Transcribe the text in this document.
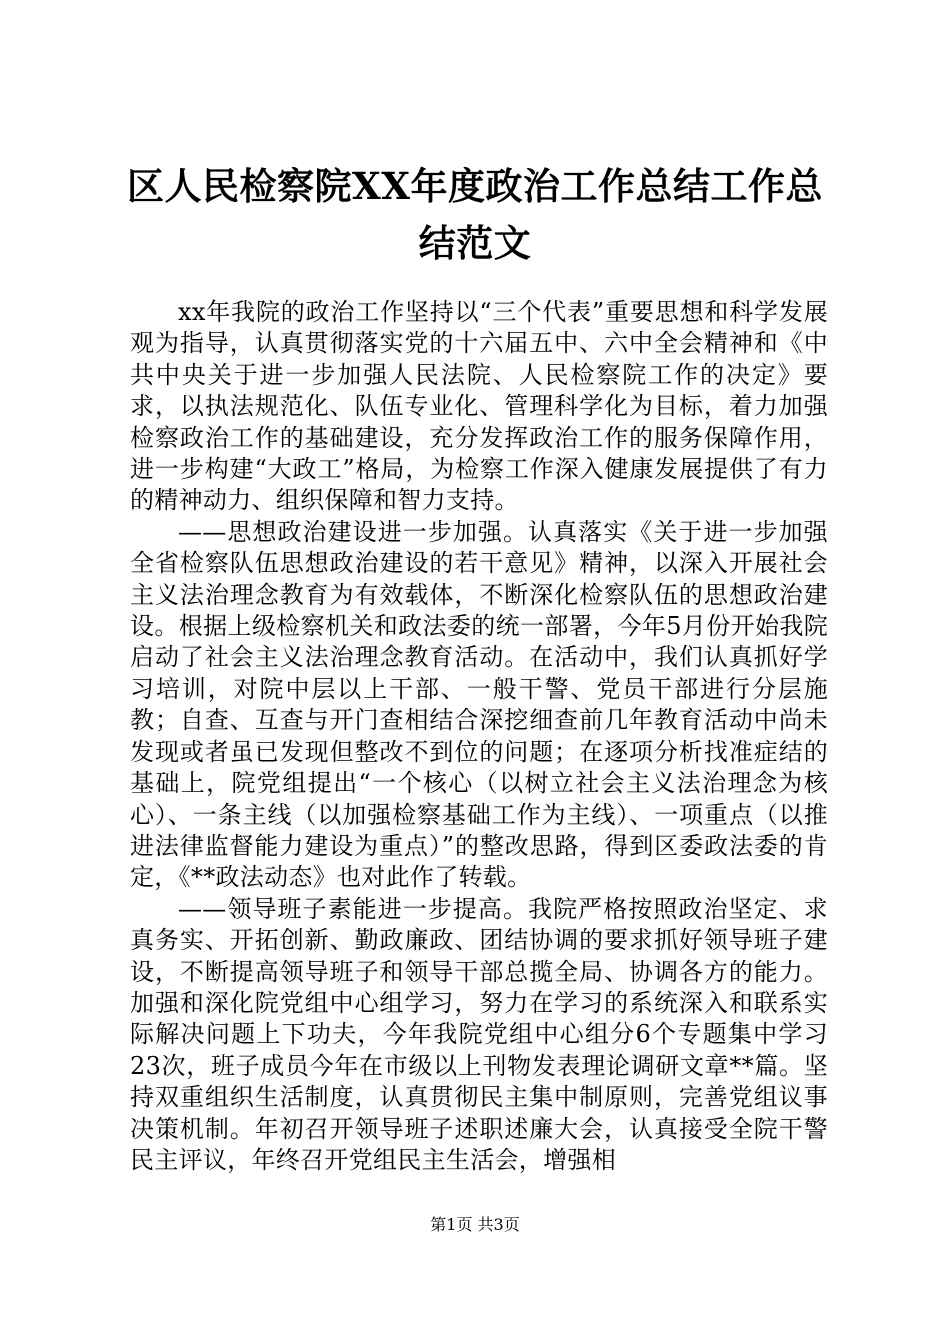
区人民检察院XX年度政治工作总结工作总结范文

xx年我院的政治工作坚持以“三个代表”重要思想和科学发展观为指导，认真贯彻落实党的十六届五中、六中全会精神和《中共中央关于进一步加强人民法院、人民检察院工作的决定》要求，以执法规范化、队伍专业化、管理科学化为目标，着力加强检察政治工作的基础建设，充分发挥政治工作的服务保障作用，进一步构建“大政工”格局，为检察工作深入健康发展提供了有力的精神动力、组织保障和智力支持。

——思想政治建设进一步加强。认真落实《关于进一步加强全省检察队伍思想政治建设的若干意见》精神，以深入开展社会主义法治理念教育为有效载体，不断深化检察队伍的思想政治建设。根据上级检察机关和政法委的统一部署，今年5月份开始我院启动了社会主义法治理念教育活动。在活动中，我们认真抓好学习培训，对院中层以上干部、一般干警、党员干部进行分层施教；自查、互查与开门查相结合深挖细查前几年教育活动中尚未发现或者虽已发现但整改不到位的问题；在逐项分析找准症结的基础上，院党组提出“一个核心（以树立社会主义法治理念为核心）、一条主线（以加强检察基础工作为主线）、一项重点（以推进法律监督能力建设为重点）”的整改思路，得到区委政法委的肯定，《**政法动态》也对此作了转载。

——领导班子素能进一步提高。我院严格按照政治坚定、求真务实、开拓创新、勤政廉政、团结协调的要求抓好领导班子建设，不断提高领导班子和领导干部总揽全局、协调各方的能力。加强和深化院党组中心组学习，努力在学习的系统深入和联系实际解决问题上下功夫，今年我院党组中心组分6个专题集中学习23次，班子成员今年在市级以上刊物发表理论调研文章**篇。坚持双重组织生活制度，认真贯彻民主集中制原则，完善党组议事决策机制。年初召开领导班子述职述廉大会，认真接受全院干警民主评议，年终召开党组民主生活会，增强相

第1页 共3页
